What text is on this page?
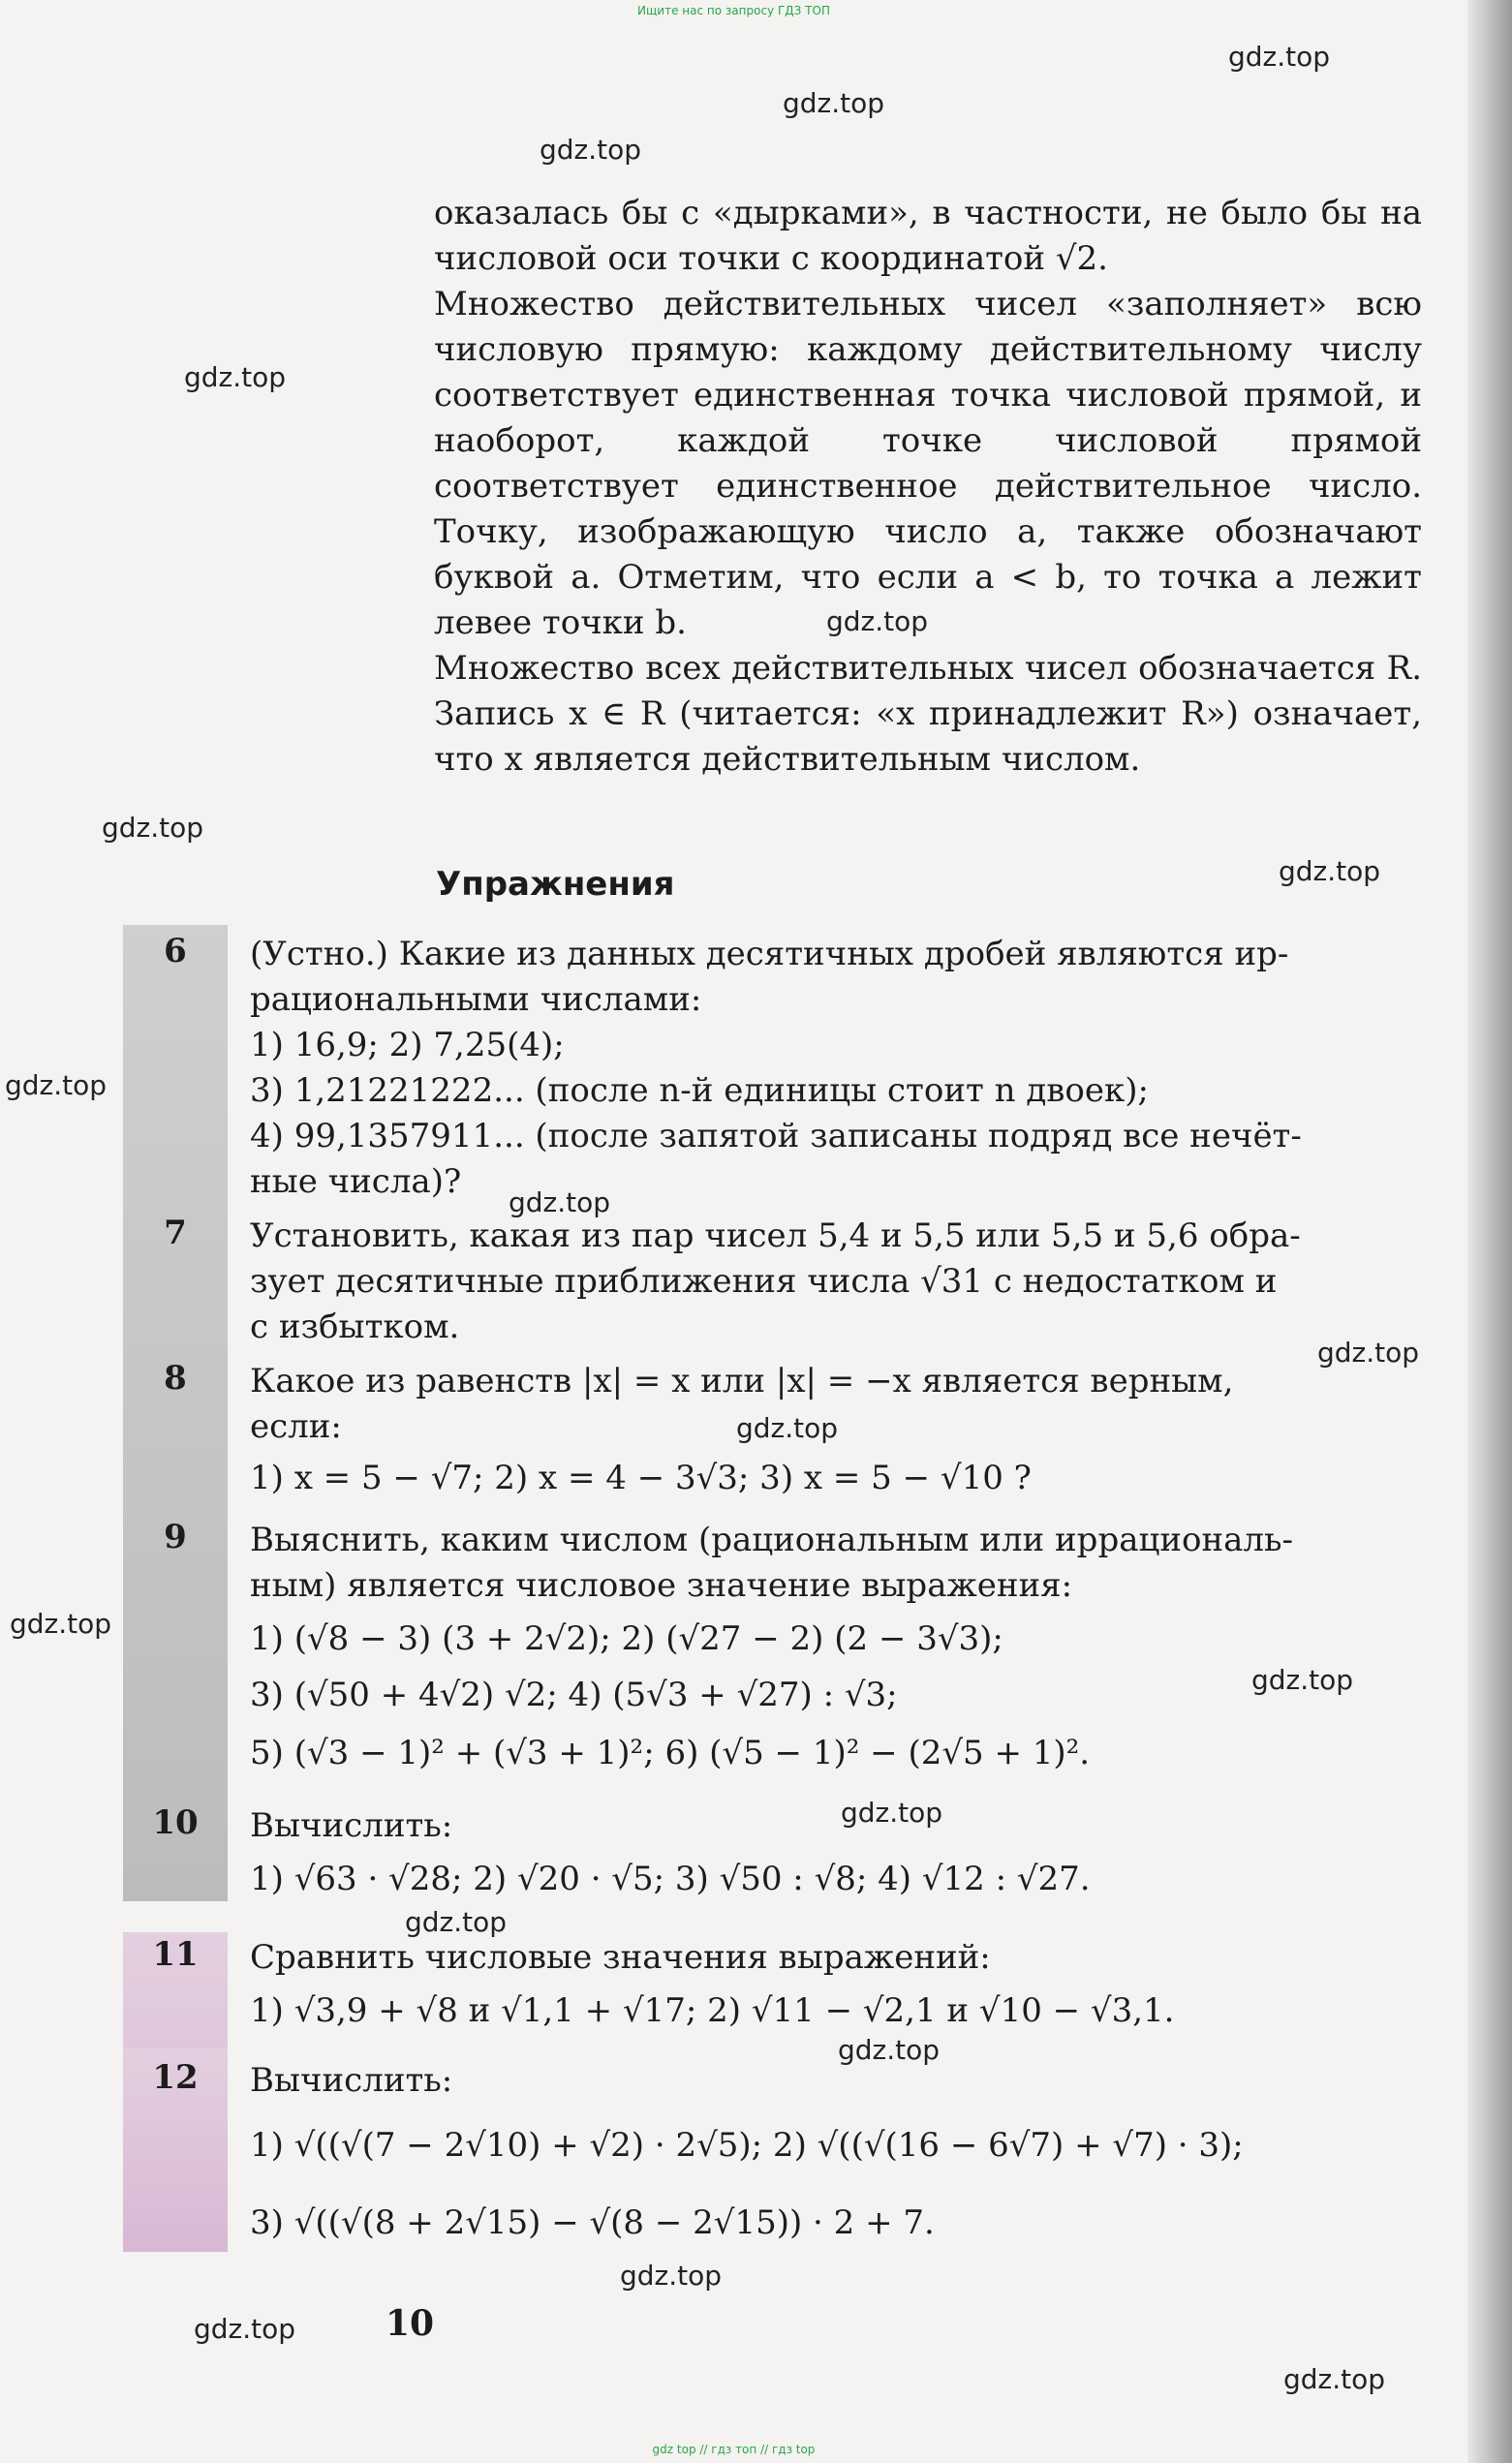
Ищите нас по запросу ГДЗ ТОП
gdz.top
gdz.top
gdz.top
gdz.top
gdz.top
gdz.top
gdz.top
gdz.top
gdz.top
gdz.top
gdz.top
gdz.top
gdz.top
gdz.top
gdz.top
gdz.top
gdz.top
gdz.top
gdz.top

оказалась бы с «дырками», в частности, не было бы на числовой оси точки с координатой √2.

Множество действительных чисел «заполняет» всю числовую прямую: каждому действительному числу соответствует единственная точка числовой прямой, и наоборот, каждой точке числовой прямой соответствует единственное действительное число. Точку, изображающую число a, также обозначают буквой a. Отметим, что если a < b, то точка a лежит левее точки b.

Множество всех действительных чисел обозначается R. Запись x ∈ R (читается: «x принадлежит R») означает, что x является действительным числом.

Упражнения
6	(Устно.) Какие из данных десятичных дробей являются ир-
рациональными числами:
1) 16,9; 2) 7,25(4);
3) 1,21221222... (после n-й единицы стоит n двоек);
4) 99,1357911... (после запятой записаны подряд все нечёт-
ные числа)?
7	Установить, какая из пар чисел 5,4 и 5,5 или 5,5 и 5,6 обра-
зует десятичные приближения числа √31 с недостатком и
с избытком.
8	Какое из равенств |x| = x или |x| = −x является верным,
если:
1) x = 5 − √7; 2) x = 4 − 3√3; 3) x = 5 − √10 ?
9	Выяснить, каким числом (рациональным или иррациональ-
ным) является числовое значение выражения:
1) (√8 − 3) (3 + 2√2); 2) (√27 − 2) (2 − 3√3);
3) (√50 + 4√2) √2; 4) (5√3 + √27) : √3;
5) (√3 − 1)² + (√3 + 1)²; 6) (√5 − 1)² − (2√5 + 1)².
10	Вычислить:
1) √63 · √28; 2) √20 · √5; 3) √50 : √8; 4) √12 : √27.
11	Сравнить числовые значения выражений:
1) √3,9 + √8 и √1,1 + √17; 2) √11 − √2,1 и √10 − √3,1.
12	Вычислить:
1) √((√(7 − 2√10) + √2) · 2√5); 2) √((√(16 − 6√7) + √7) · 3);
3) √((√(8 + 2√15) − √(8 − 2√15)) · 2 + 7.
10
gdz top // гдз топ // гдз top
